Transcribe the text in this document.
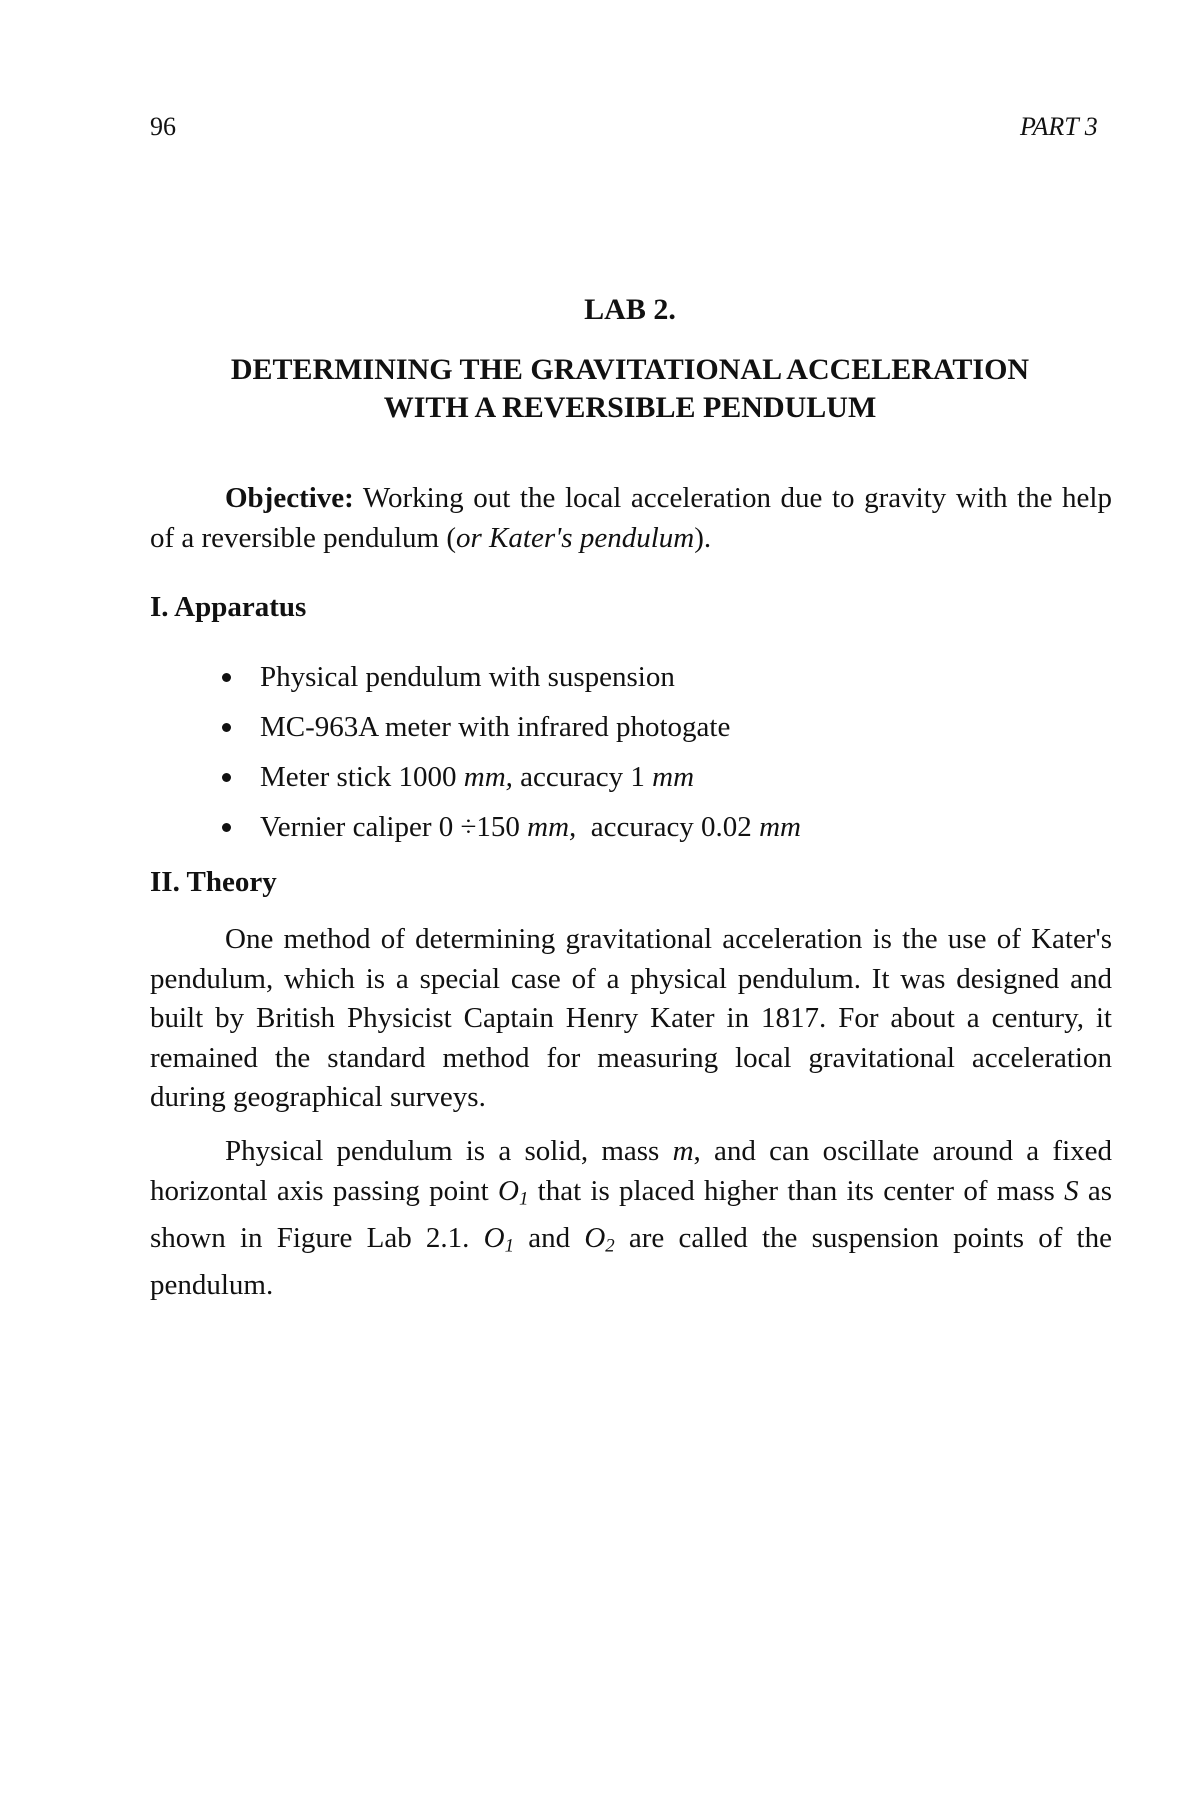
96	PART 3
LAB 2.
DETERMINING THE GRAVITATIONAL ACCELERATION
WITH A REVERSIBLE PENDULUM
Objective: Working out the local acceleration due to gravity with the help of a reversible pendulum (or Kater's pendulum).
I. Apparatus
Physical pendulum with suspension
MC-963A meter with infrared photogate
Meter stick 1000 mm, accuracy 1 mm
Vernier caliper 0 ÷150 mm,  accuracy 0.02 mm
II. Theory
One method of determining gravitational acceleration is the use of Kater's pendulum, which is a special case of a physical pendulum. It was designed and built by British Physicist Captain Henry Kater in 1817. For about a century, it remained the standard method for measuring local gravitational acceleration during geographical surveys.
Physical pendulum is a solid, mass m, and can oscillate around a fixed horizontal axis passing point $O_1$ that is placed higher than its center of mass S as shown in Figure Lab 2.1. $O_1$ and $O_2$ are called the suspension points of the pendulum.
